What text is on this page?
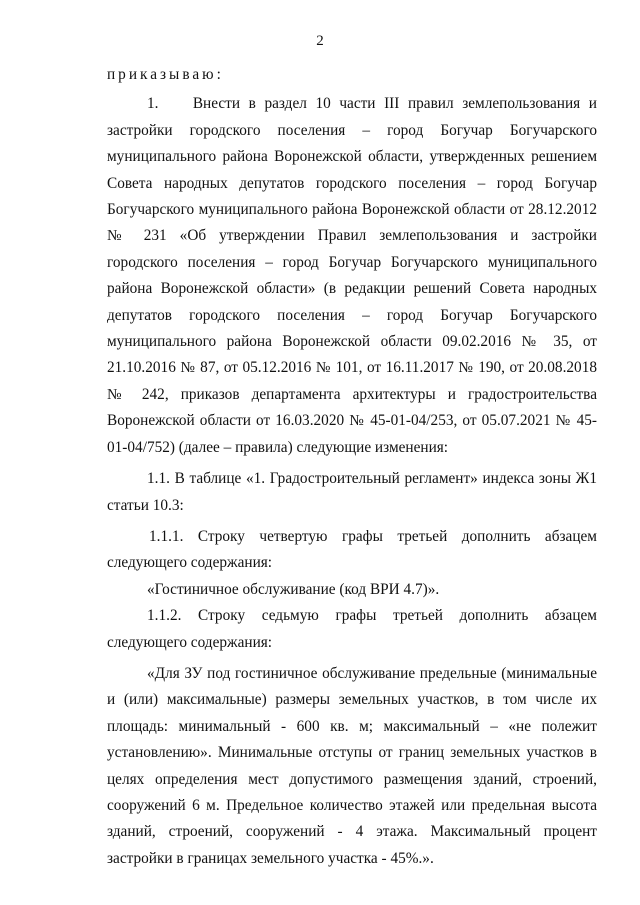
2

приказываю:

1.    Внести в раздел 10 части III правил землепользования и застройки городского поселения – город Богучар Богучарского муниципального района Воронежской области, утвержденных решением Совета народных депутатов городского поселения – город Богучар Богучарского муниципального района Воронежской области от 28.12.2012 № 231 «Об утверждении Правил землепользования и застройки городского поселения – город Богучар Богучарского муниципального района Воронежской области» (в редакции решений Совета народных депутатов городского поселения – город Богучар Богучарского муниципального района Воронежской области 09.02.2016 № 35, от 21.10.2016 № 87, от 05.12.2016 № 101, от 16.11.2017 № 190, от 20.08.2018 № 242, приказов департамента архитектуры и градостроительства Воронежской области от 16.03.2020 № 45-01-04/253, от 05.07.2021 № 45-01-04/752) (далее – правила) следующие изменения:

1.1. В таблице «1. Градостроительный регламент» индекса зоны Ж1 статьи 10.3:

1.1.1. Строку четвертую графы третьей дополнить абзацем следующего содержания:

«Гостиничное обслуживание (код ВРИ 4.7)».

1.1.2. Строку седьмую графы третьей дополнить абзацем следующего содержания:

«Для ЗУ под гостиничное обслуживание предельные (минимальные и (или) максимальные) размеры земельных участков, в том числе их площадь: минимальный - 600 кв. м; максимальный – «не полежит установлению». Минимальные отступы от границ земельных участков в целях определения мест допустимого размещения зданий, строений, сооружений 6 м. Предельное количество этажей или предельная высота зданий, строений, сооружений - 4 этажа. Максимальный процент застройки в границах земельного участка - 45%.».
